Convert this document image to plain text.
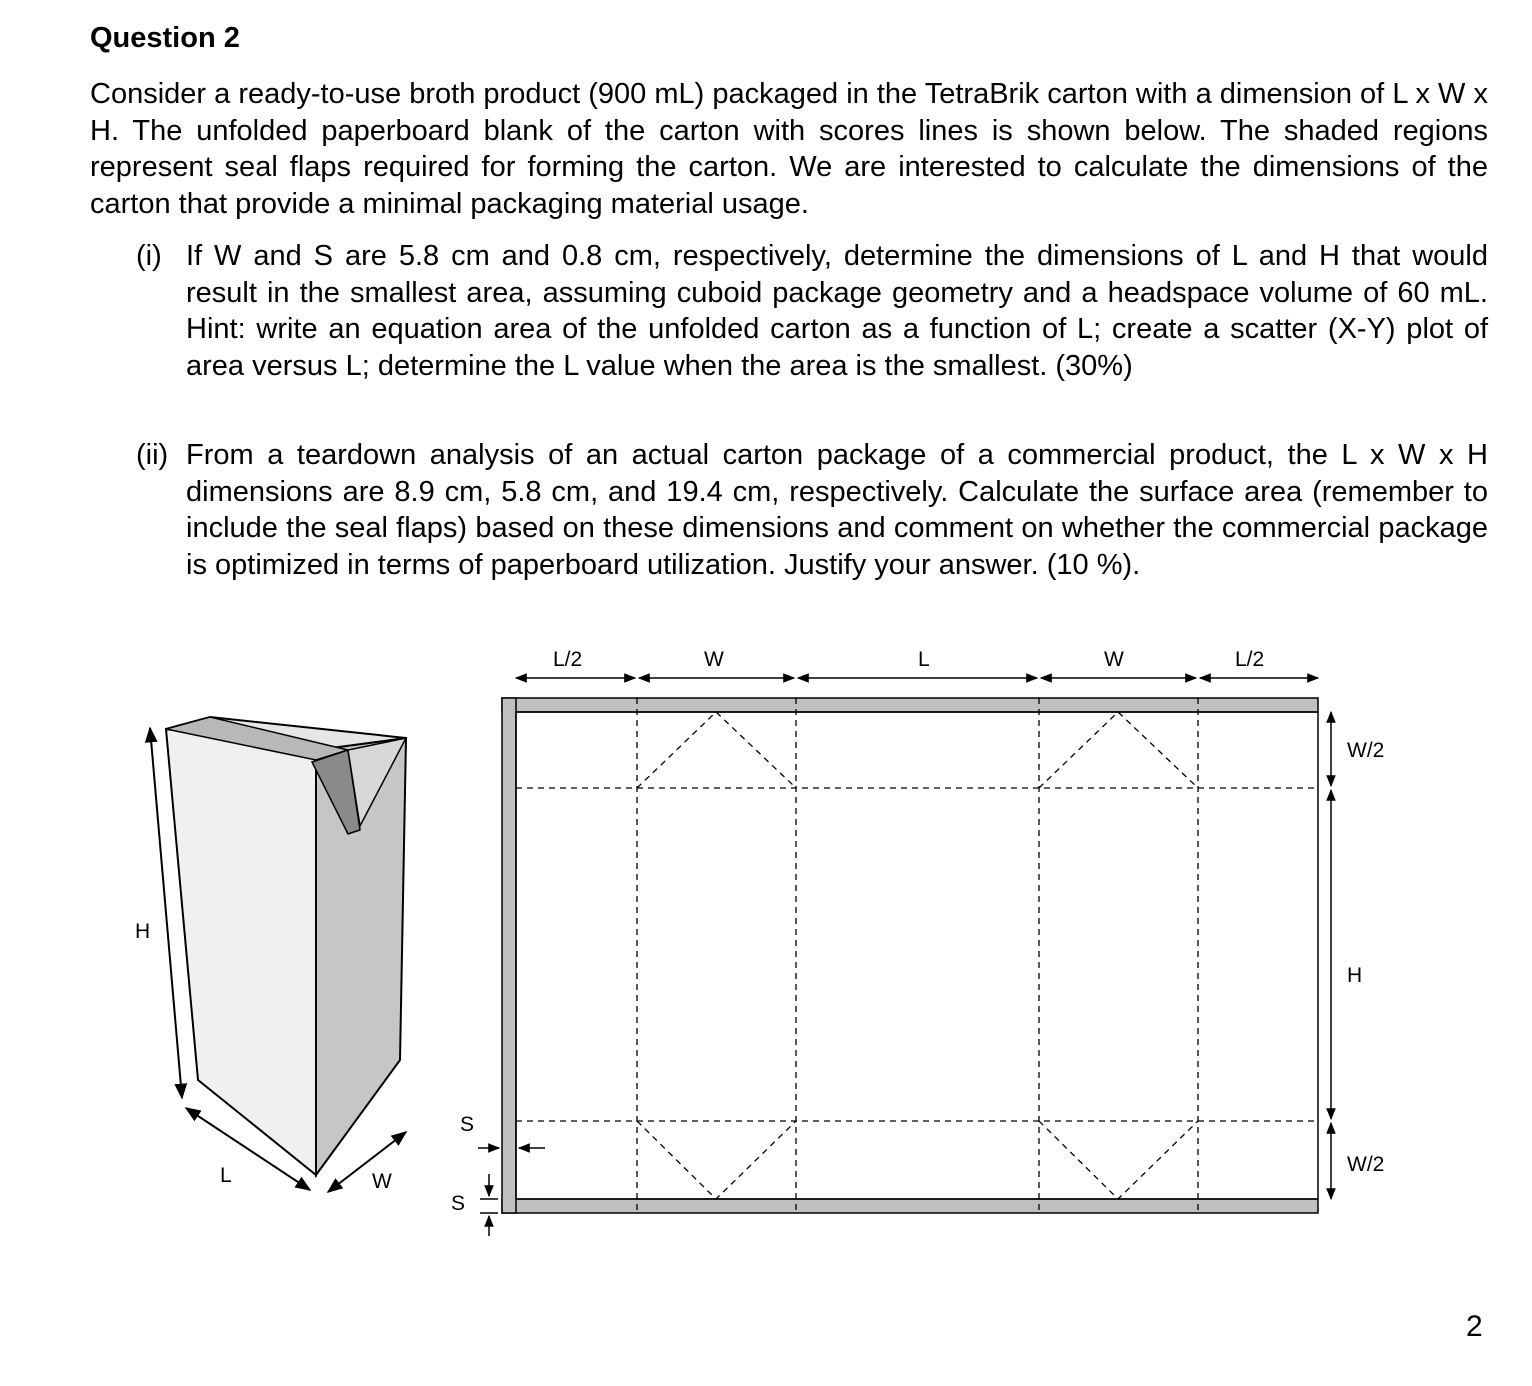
Question 2

Consider a ready-to-use broth product (900 mL) packaged in the TetraBrik carton with a dimension of L x W x H. The unfolded paperboard blank of the carton with scores lines is shown below. The shaded regions represent seal flaps required for forming the carton. We are interested to calculate the dimensions of the carton that provide a minimal packaging material usage.

(i) If W and S are 5.8 cm and 0.8 cm, respectively, determine the dimensions of L and H that would result in the smallest area, assuming cuboid package geometry and a headspace volume of 60 mL. Hint: write an equation area of the unfolded carton as a function of L; create a scatter (X-Y) plot of area versus L; determine the L value when the area is the smallest. (30%)
(ii) From a teardown analysis of an actual carton package of a commercial product, the L x W x H dimensions are 8.9 cm, 5.8 cm, and 19.4 cm, respectively. Calculate the surface area (remember to include the seal flaps) based on these dimensions and comment on whether the commercial package is optimized in terms of paperboard utilization. Justify your answer. (10 %).
H
L	W
L/2	W	L	W	L/2
W/2
H
W/2
S
S
2
